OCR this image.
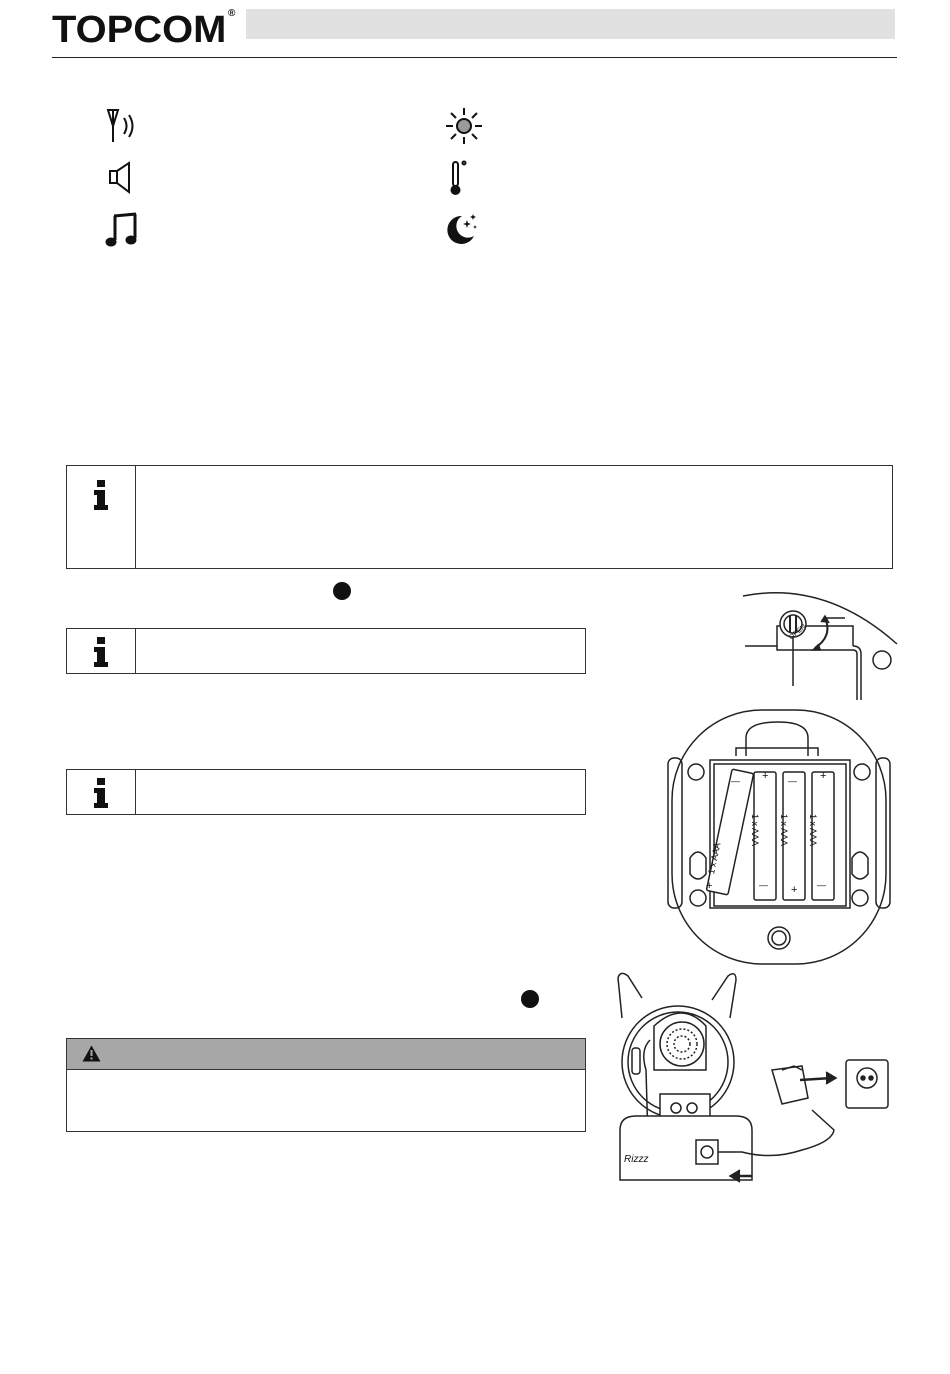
TOPCOM ®
OPEN
1 x AAA
1 x AAA 1 x AAA 1 x AAA
+	+
+
+
—
—
—
—
Rizzz
